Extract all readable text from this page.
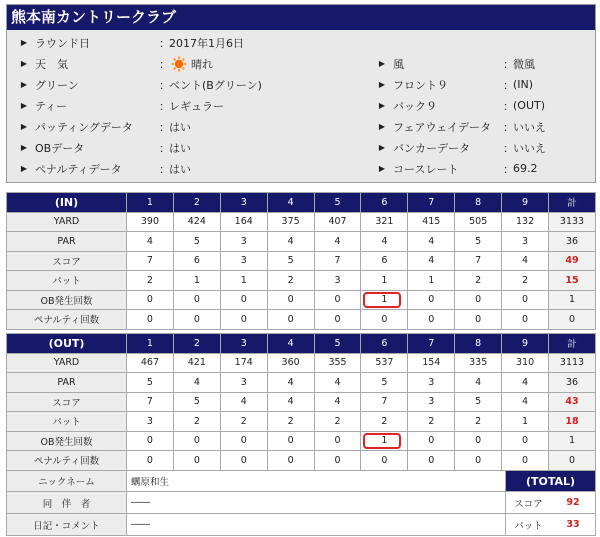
熊本南カントリークラブ
▶ ラウンド日	： 2017年1月6日
▶ 天　気	： 晴れ	▶ 風	： 微風
▶ グリーン	： ベント(Bグリーン)	▶ フロント９	： (IN)
▶ ティー	： レギュラー	▶ バック９	： (OUT)
▶ パッティングデータ	： はい	▶ フェアウェイデータ	： いいえ
▶ OBデータ	： はい	▶ バンカーデータ	： いいえ
▶ ペナルティデータ	： はい	▶ コースレート	： 69.2
(IN)	1	2	3	4	5	6	7	8	9	計
YARD	390	424	164	375	407	321	415	505	132	3133
PAR	4	5	3	4	4	4	4	5	3	36
スコア	7	6	3	5	7	6	4	7	4	49
パット	2	1	1	2	3	1	1	2	2	15
OB発生回数	0	0	0	0	0	1	0	0	0	1
ペナルティ回数	0	0	0	0	0	0	0	0	0	0
(OUT)	1	2	3	4	5	6	7	8	9	計
YARD	467	421	174	360	355	537	154	335	310	3113
PAR	5	4	3	4	4	5	3	4	4	36
スコア	7	5	4	4	4	7	3	5	4	43
パット	3	2	2	2	2	2	2	2	1	18
OB発生回数	0	0	0	0	0	1	0	0	0	1
ペナルティ回数	0	0	0	0	0	0	0	0	0	0
ニックネーム	蠣原和生	(TOTAL)
同　伴　者	――	スコア 92

日記・コメント	――	パット 33
